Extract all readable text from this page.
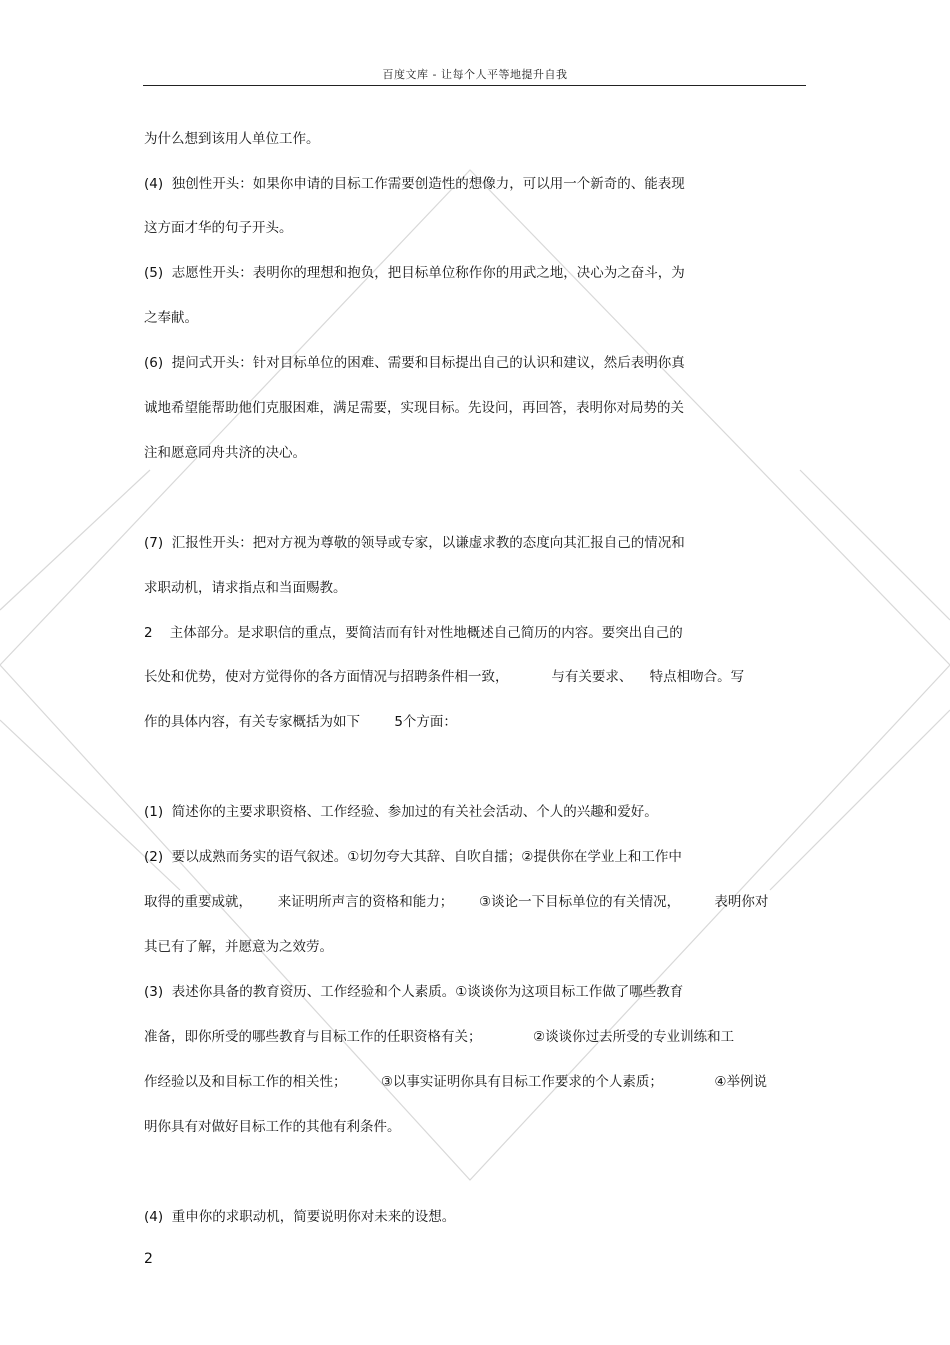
百度文库 - 让每个人平等地提升自我
为什么想到该用人单位工作。
(4)  独创性开头：如果你申请的目标工作需要创造性的想像力，可以用一个新奇的、能表现
这方面才华的句子开头。
(5)  志愿性开头：表明你的理想和抱负，把目标单位称作你的用武之地，决心为之奋斗，为
之奉献。
(6)  提问式开头：针对目标单位的困难、需要和目标提出自己的认识和建议，然后表明你真
诚地希望能帮助他们克服困难，满足需要，实现目标。先设问，再回答，表明你对局势的关
注和愿意同舟共济的决心。
(7)  汇报性开头：把对方视为尊敬的领导或专家，以谦虚求教的态度向其汇报自己的情况和
求职动机，请求指点和当面赐教。
2    主体部分。是求职信的重点，要简洁而有针对性地概述自己简历的内容。要突出自己的
长处和优势，使对方觉得你的各方面情况与招聘条件相一致，          与有关要求、    特点相吻合。写
作的具体内容，有关专家概括为如下        5个方面：
(1)  简述你的主要求职资格、工作经验、参加过的有关社会活动、个人的兴趣和爱好。
(2)  要以成熟而务实的语气叙述。①切勿夸大其辞、自吹自擂；②提供你在学业上和工作中
取得的重要成就，      来证明所声言的资格和能力；      ③谈论一下目标单位的有关情况，        表明你对
其已有了解，并愿意为之效劳。
(3)  表述你具备的教育资历、工作经验和个人素质。①谈谈你为这项目标工作做了哪些教育
准备，即你所受的哪些教育与目标工作的任职资格有关；            ②谈谈你过去所受的专业训练和工
作经验以及和目标工作的相关性；        ③以事实证明你具有目标工作要求的个人素质；            ④举例说
明你具有对做好目标工作的其他有利条件。
(4)  重申你的求职动机，简要说明你对未来的设想。
2
